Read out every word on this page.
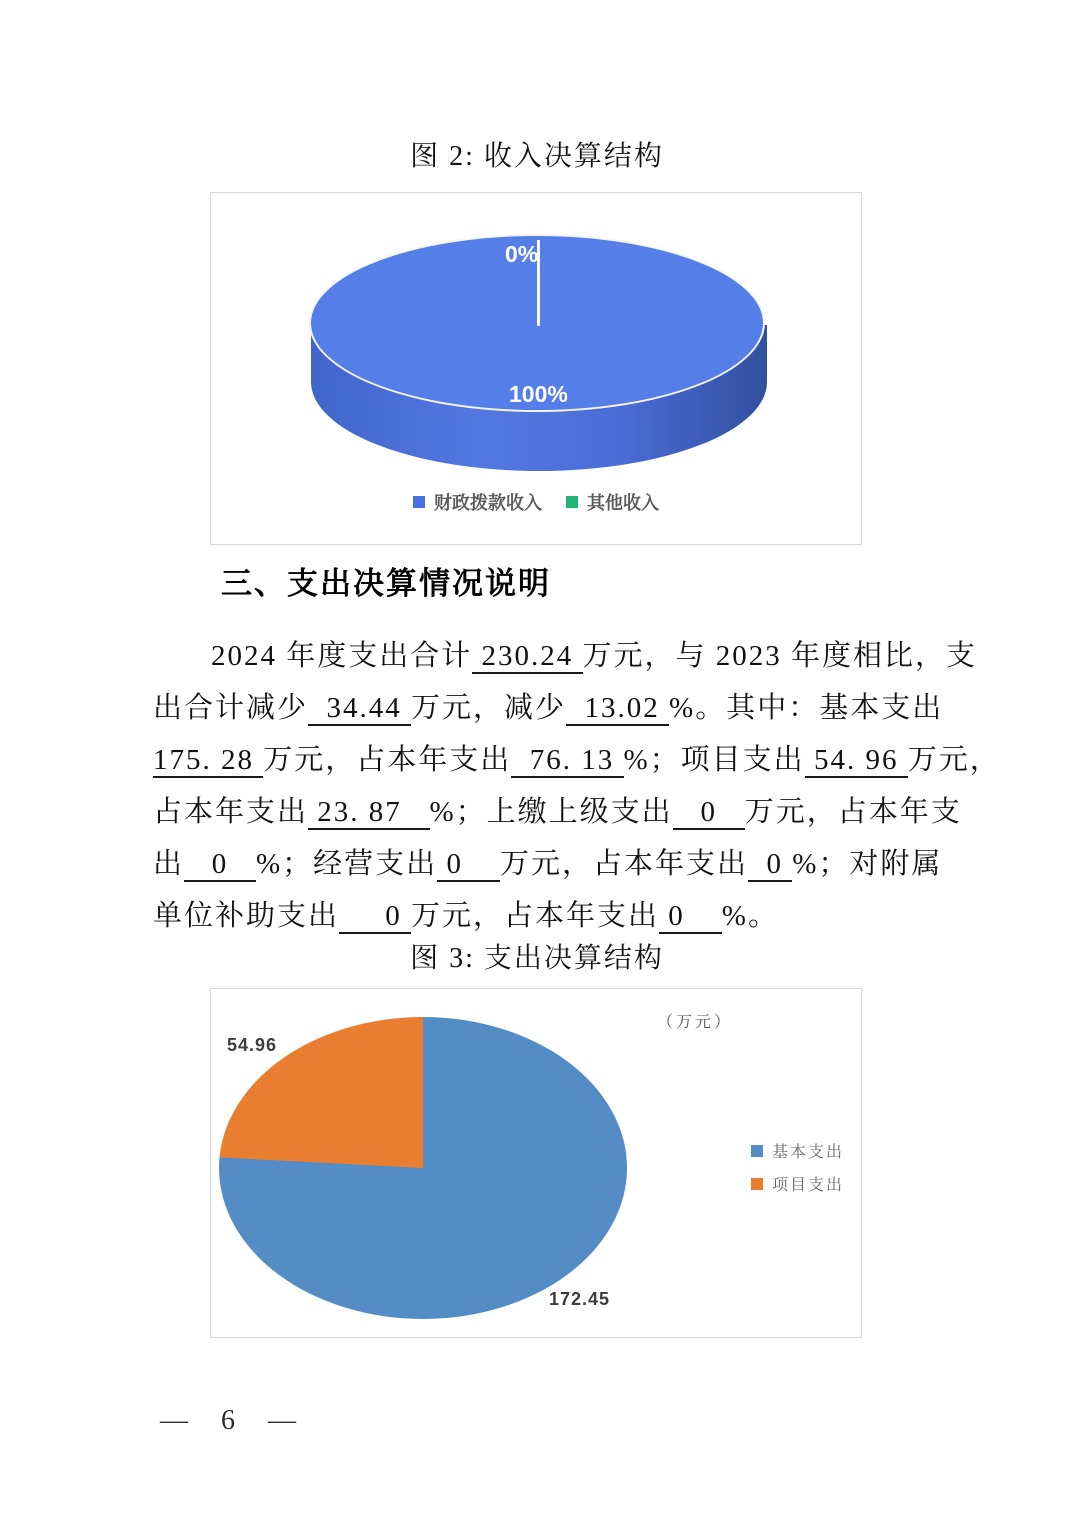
图 2: 收入决算结构
0%
100%
财政拨款收入	其他收入
三、支出决算情况说明
2024 年度支出合计 230.24 万元，与 2023 年度相比，支
出合计减少  34.44 万元，减少  13.02 %。其中：基本支出
175. 28 万元，占本年支出  76. 13 %；项目支出 54. 96 万元，
占本年支出 23. 87   %；上缴上级支出   0   万元，占本年支
出   0   %；经营支出 0    万元，占本年支出  0 %；对附属
单位补助支出     0 万元，占本年支出 0    %。
图 3: 支出决算结构
（万元）
54.96
172.45
基本支出
项目支出
— 6 —
